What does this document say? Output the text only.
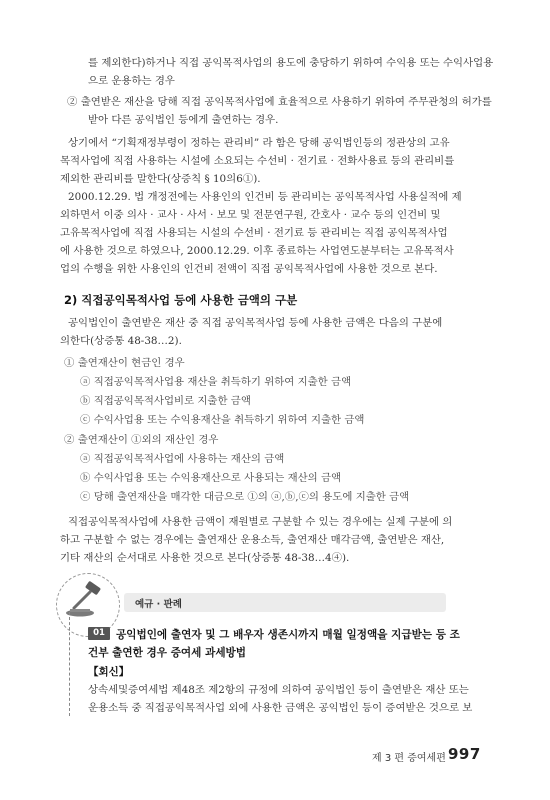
를 제외한다)하거나 직접 공익목적사업의 용도에 충당하기 위하여 수익용 또는 수익사업용
으로 운용하는 경우
② 출연받은 재산을 당해 직접 공익목적사업에 효율적으로 사용하기 위하여 주무관청의 허가를
받아 다른 공익법인 등에게 출연하는 경우.
상기에서 “기획재정부령이 정하는 관리비” 라 함은 당해 공익법인등의 정관상의 고유
목적사업에 직접 사용하는 시설에 소요되는 수선비 · 전기료 · 전화사용료 등의 관리비를
제외한 관리비를 말한다(상증칙 § 10의6①).
2000.12.29. 법 개정전에는 사용인의 인건비 등 관리비는 공익목적사업 사용실적에 제
외하면서 이중 의사 · 교사 · 사서 · 보모 및 전문연구원, 간호사 · 교수 등의 인건비 및
고유목적사업에 직접 사용되는 시설의 수선비 · 전기료 등 관리비는 직접 공익목적사업
에 사용한 것으로 하였으나, 2000.12.29. 이후 종료하는 사업연도분부터는 고유목적사
업의 수행을 위한 사용인의 인건비 전액이 직접 공익목적사업에 사용한 것으로 본다.
2) 직접공익목적사업 등에 사용한 금액의 구분
공익법인이 출연받은 재산 중 직접 공익목적사업 등에 사용한 금액은 다음의 구분에
의한다(상증통 48-38…2).
① 출연재산이 현금인 경우
ⓐ 직접공익목적사업용 재산을 취득하기 위하여 지출한 금액
ⓑ 직접공익목적사업비로 지출한 금액
ⓒ 수익사업용 또는 수익용재산을 취득하기 위하여 지출한 금액
② 출연재산이 ①외의 재산인 경우
ⓐ 직접공익목적사업에 사용하는 재산의 금액
ⓑ 수익사업용 또는 수익용재산으로 사용되는 재산의 금액
ⓒ 당해 출연재산을 매각한 대금으로 ①의 ⓐ,ⓑ,ⓒ의 용도에 지출한 금액
직접공익목적사업에 사용한 금액이 재원별로 구분할 수 있는 경우에는 실제 구분에 의
하고 구분할 수 없는 경우에는 출연재산 운용소득, 출연재산 매각금액, 출연받은 재산,
기타 재산의 순서대로 사용한 것으로 본다(상증통 48-38…4④).
예규 · 판례
01	공익법인에 출연자 및 그 배우자 생존시까지 매월 일정액을 지급받는 등 조
건부 출연한 경우 증여세 과세방법
【회신】
상속세및증여세법 제48조 제2항의 규정에 의하여 공익법인 등이 출연받은 재산 또는
운용소득 중 직접공익목적사업 외에 사용한 금액은 공익법인 등이 증여받은 것으로 보
제 3 편 증여세편 997
